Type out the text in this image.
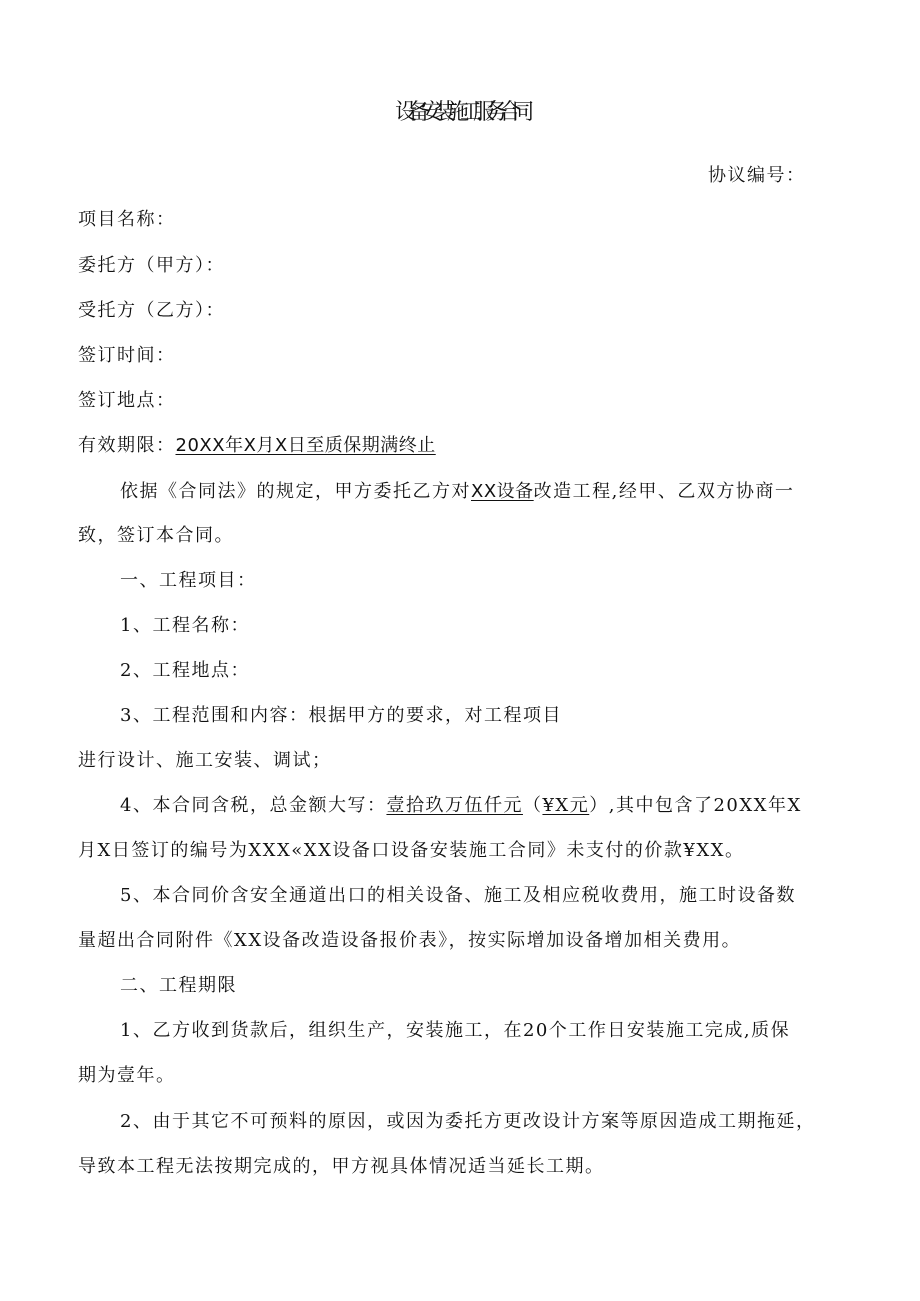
设备安装施工服务合同
协议编号：
项目名称：
委托方（甲方）：
受托方（乙方）：
签订时间：
签订地点：
有效期限：20XX年X月X日至质保期满终止
依据《合同法》的规定，甲方委托乙方对XX设备改造工程,经甲、乙双方协商一
致，签订本合同。
一、工程项目：
1、工程名称：
2、工程地点：
3、工程范围和内容：根据甲方的要求，对工程项目
进行设计、施工安装、调试；
4、本合同含税，总金额大写：壹拾玖万伍仟元（¥X元）,其中包含了20XX年X
月X日签订的编号为XXX«XX设备口设备安装施工合同》未支付的价款¥XX。
5、本合同价含安全通道出口的相关设备、施工及相应税收费用，施工时设备数
量超出合同附件《XX设备改造设备报价表》，按实际增加设备增加相关费用。
二、工程期限
1、乙方收到货款后，组织生产，安装施工，在20个工作日安装施工完成,质保
期为壹年。
2、由于其它不可预料的原因，或因为委托方更改设计方案等原因造成工期拖延，
导致本工程无法按期完成的，甲方视具体情况适当延长工期。
